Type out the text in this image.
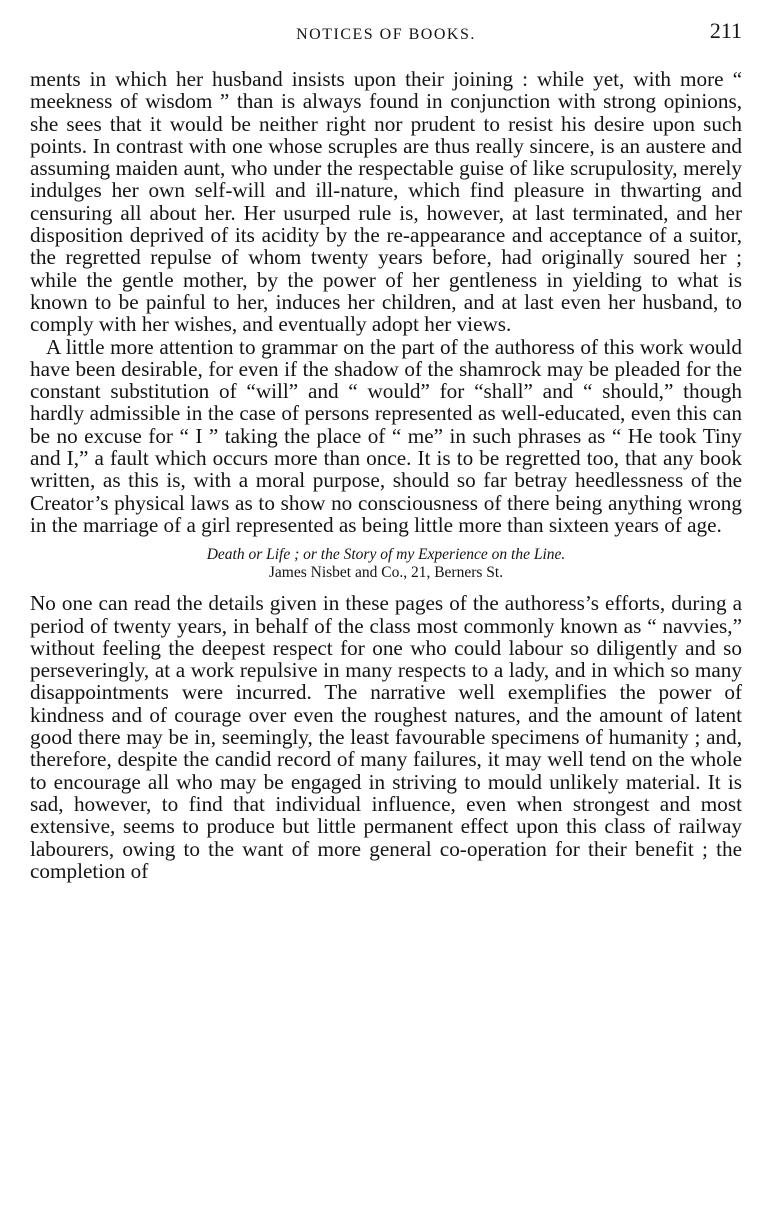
NOTICES OF BOOKS.	211

ments in which her husband insists upon their joining : while yet, with more “ meekness of wisdom ” than is always found in conjunction with strong opinions, she sees that it would be neither right nor prudent to resist his desire upon such points. In contrast with one whose scruples are thus really sincere, is an austere and assuming maiden aunt, who under the respectable guise of like scrupulosity, merely indulges her own self-will and ill-nature, which find pleasure in thwarting and censuring all about her. Her usurped rule is, however, at last terminated, and her disposition deprived of its acidity by the re-appearance and acceptance of a suitor, the regretted repulse of whom twenty years before, had originally soured her ; while the gentle mother, by the power of her gentleness in yielding to what is known to be painful to her, induces her children, and at last even her husband, to comply with her wishes, and eventually adopt her views.

A little more attention to grammar on the part of the authoress of this work would have been desirable, for even if the shadow of the shamrock may be pleaded for the constant substitution of “will” and “ would” for “shall” and “ should,” though hardly admissible in the case of persons represented as well-educated, even this can be no excuse for “ I ” taking the place of “ me” in such phrases as “ He took Tiny and I,” a fault which occurs more than once. It is to be regretted too, that any book written, as this is, with a moral purpose, should so far betray heedlessness of the Creator’s physical laws as to show no consciousness of there being anything wrong in the marriage of a girl represented as being little more than sixteen years of age.

Death or Life ; or the Story of my Experience on the Line.
James Nisbet and Co., 21, Berners St.

No one can read the details given in these pages of the authoress’s efforts, during a period of twenty years, in behalf of the class most commonly known as “ navvies,” without feeling the deepest respect for one who could labour so diligently and so perseveringly, at a work repulsive in many respects to a lady, and in which so many disappointments were incurred. The narrative well exemplifies the power of kindness and of courage over even the roughest natures, and the amount of latent good there may be in, seemingly, the least favourable specimens of humanity ; and, therefore, despite the candid record of many failures, it may well tend on the whole to encourage all who may be engaged in striving to mould unlikely material. It is sad, however, to find that individual influence, even when strongest and most extensive, seems to produce but little permanent effect upon this class of railway labourers, owing to the want of more general co-operation for their benefit ; the completion of
